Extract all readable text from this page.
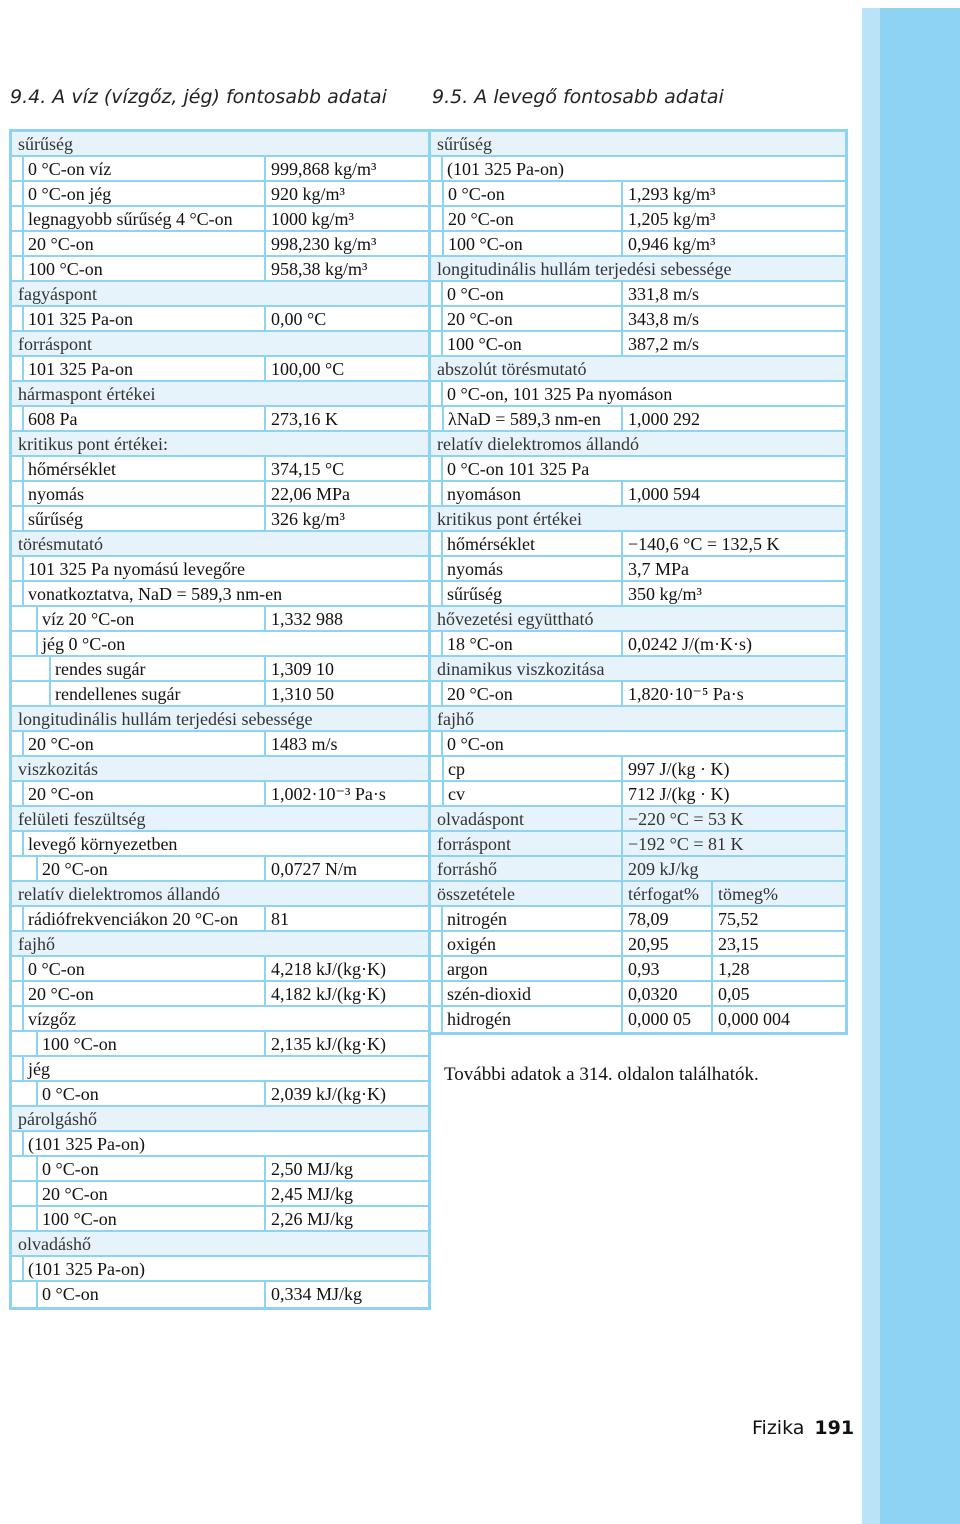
9.4. A víz (vízgőz, jég) fontosabb adatai 9.5. A levegő fontosabb adatai
sűrűség
0 °C-on víz	999,868 kg/m³
0 °C-on jég	920 kg/m³
legnagyobb sűrűség 4 °C-on	1000 kg/m³
20 °C-on	998,230 kg/m³
100 °C-on	958,38 kg/m³
fagyáspont
101 325 Pa-on	0,00 °C
forráspont
101 325 Pa-on	100,00 °C
hármaspont értékei
608 Pa	273,16 K
kritikus pont értékei:
hőmérséklet	374,15 °C
nyomás	22,06 MPa
sűrűség	326 kg/m³
törésmutató
101 325 Pa nyomású levegőre
vonatkoztatva, NaD = 589,3 nm-en
víz 20 °C-on	1,332 988
jég 0 °C-on
rendes sugár	1,309 10
rendellenes sugár	1,310 50
longitudinális hullám terjedési sebessége
20 °C-on	1483 m/s
viszkozitás
20 °C-on	1,002·10⁻³ Pa·s
felületi feszültség
levegő környezetben
20 °C-on	0,0727 N/m
relatív dielektromos állandó
rádiófrekvenciákon 20 °C-on	81
fajhő
0 °C-on	4,218 kJ/(kg·K)
20 °C-on	4,182 kJ/(kg·K)
vízgőz
100 °C-on	2,135 kJ/(kg·K)
jég
0 °C-on	2,039 kJ/(kg·K)
párolgáshő
(101 325 Pa-on)
0 °C-on	2,50 MJ/kg
20 °C-on	2,45 MJ/kg
100 °C-on	2,26 MJ/kg
olvadáshő
(101 325 Pa-on)
0 °C-on	0,334 MJ/kg
sűrűség
(101 325 Pa-on)
0 °C-on	1,293 kg/m³
20 °C-on	1,205 kg/m³
100 °C-on	0,946 kg/m³
longitudinális hullám terjedési sebessége
0 °C-on	331,8 m/s
20 °C-on	343,8 m/s
100 °C-on	387,2 m/s
abszolút törésmutató
0 °C-on, 101 325 Pa nyomáson
λNaD = 589,3 nm-en	1,000 292
relatív dielektromos állandó
0 °C-on 101 325 Pa
nyomáson	1,000 594
kritikus pont értékei
hőmérséklet	−140,6 °C = 132,5 K
nyomás	3,7 MPa
sűrűség	350 kg/m³
hővezetési együttható
18 °C-on	0,0242 J/(m·K·s)
dinamikus viszkozitása
20 °C-on	1,820·10⁻⁵ Pa·s
fajhő
0 °C-on
cp	997 J/(kg · K)
cv	712 J/(kg · K)
olvadáspont	−220 °C = 53 K
forráspont	−192 °C = 81 K
forráshő	209 kJ/kg
összetétele	térfogat%	tömeg%
nitrogén	78,09	75,52
oxigén	20,95	23,15
argon	0,93	1,28
szén-dioxid	0,0320	0,05
hidrogén	0,000 05	0,000 004
További adatok a 314. oldalon találhatók.
Fizika 191
